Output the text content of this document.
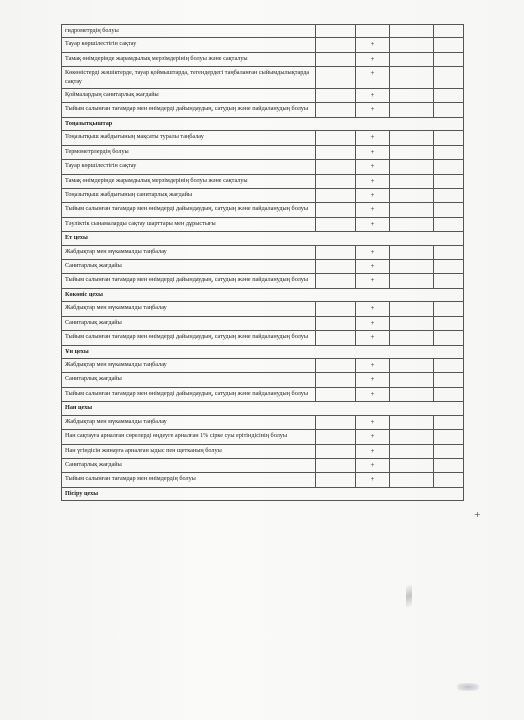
гидрометрдің болуы				
Тауар көршілестігін сақтау		+		
Тамақ өнімдерінде жарамдылық мерзімдерінің болуы және сақталуы		+		
Көкөністерді жәшіктерде, тауар қоймыштарда, тегендердегі таңбаланған сыйымдылықтарда сақтау		+		
Қоймалардың санитарлық жағдайы		+		
Тыйым салынған тағамдар мен өнімдерді дайындаудың, сатудың және пайдаланудың болуы		+		
Тоңазытқыштар				
Тоңазытқыш жабдығының мақсаты туралы таңбалау		+		
Термометрлердің болуы		+		
Тауар көршілестігін сақтау		+		
Тамақ өнімдерінде жарамдылық мерзімдерінің болуы және сақталуы		+		
Тоңазытқыш жабдығының санитарлық жағдайы		+		
Тыйым салынған тағамдар мен өнімдерді дайындаудың, сатудың және пайдаланудың болуы		+		
Тәуліктік сынамаларды сақтау шарттары мен дұрыстығы		+		
Ет цехы				
Жабдықтар мен мүкаммалды таңбалау		+		
Санитарлық жағдайы		+		
Тыйым салынған тағамдар мен өнімдерді дайындаудың, сатудың және пайдаланудың болуы		+		
Көкөніс цехы				
Жабдықтар мен мүкаммалды таңбалау		+		
Санитарлық жағдайы		+		
Тыйым салынған тағамдар мен өнімдерді дайындаудың, сатудың және пайдаланудың болуы		+		
Ұн цехы				
Жабдықтар мен мүкаммалды таңбалау		+		
Санитарлық жағдайы		+		
Тыйым салынған тағамдар мен өнімдерді дайындаудың, сатудың және пайдаланудың болуы		+		
Нан цехы				
Жабдықтар мен мүкаммалды таңбалау		+		
Нан сақтауға арналған сөрелерді өңдеуге арналған 1% сірке суы ерітіндісінің болуы		+		
Нан үгіндісін жинауға арналған ыдыс пен щетканың болуы		+		
Санитарлық жағдайы		+		
Тыйым салынған тағамдар мен өнімдердің болуы		+		
Пісіру цехы				
+
